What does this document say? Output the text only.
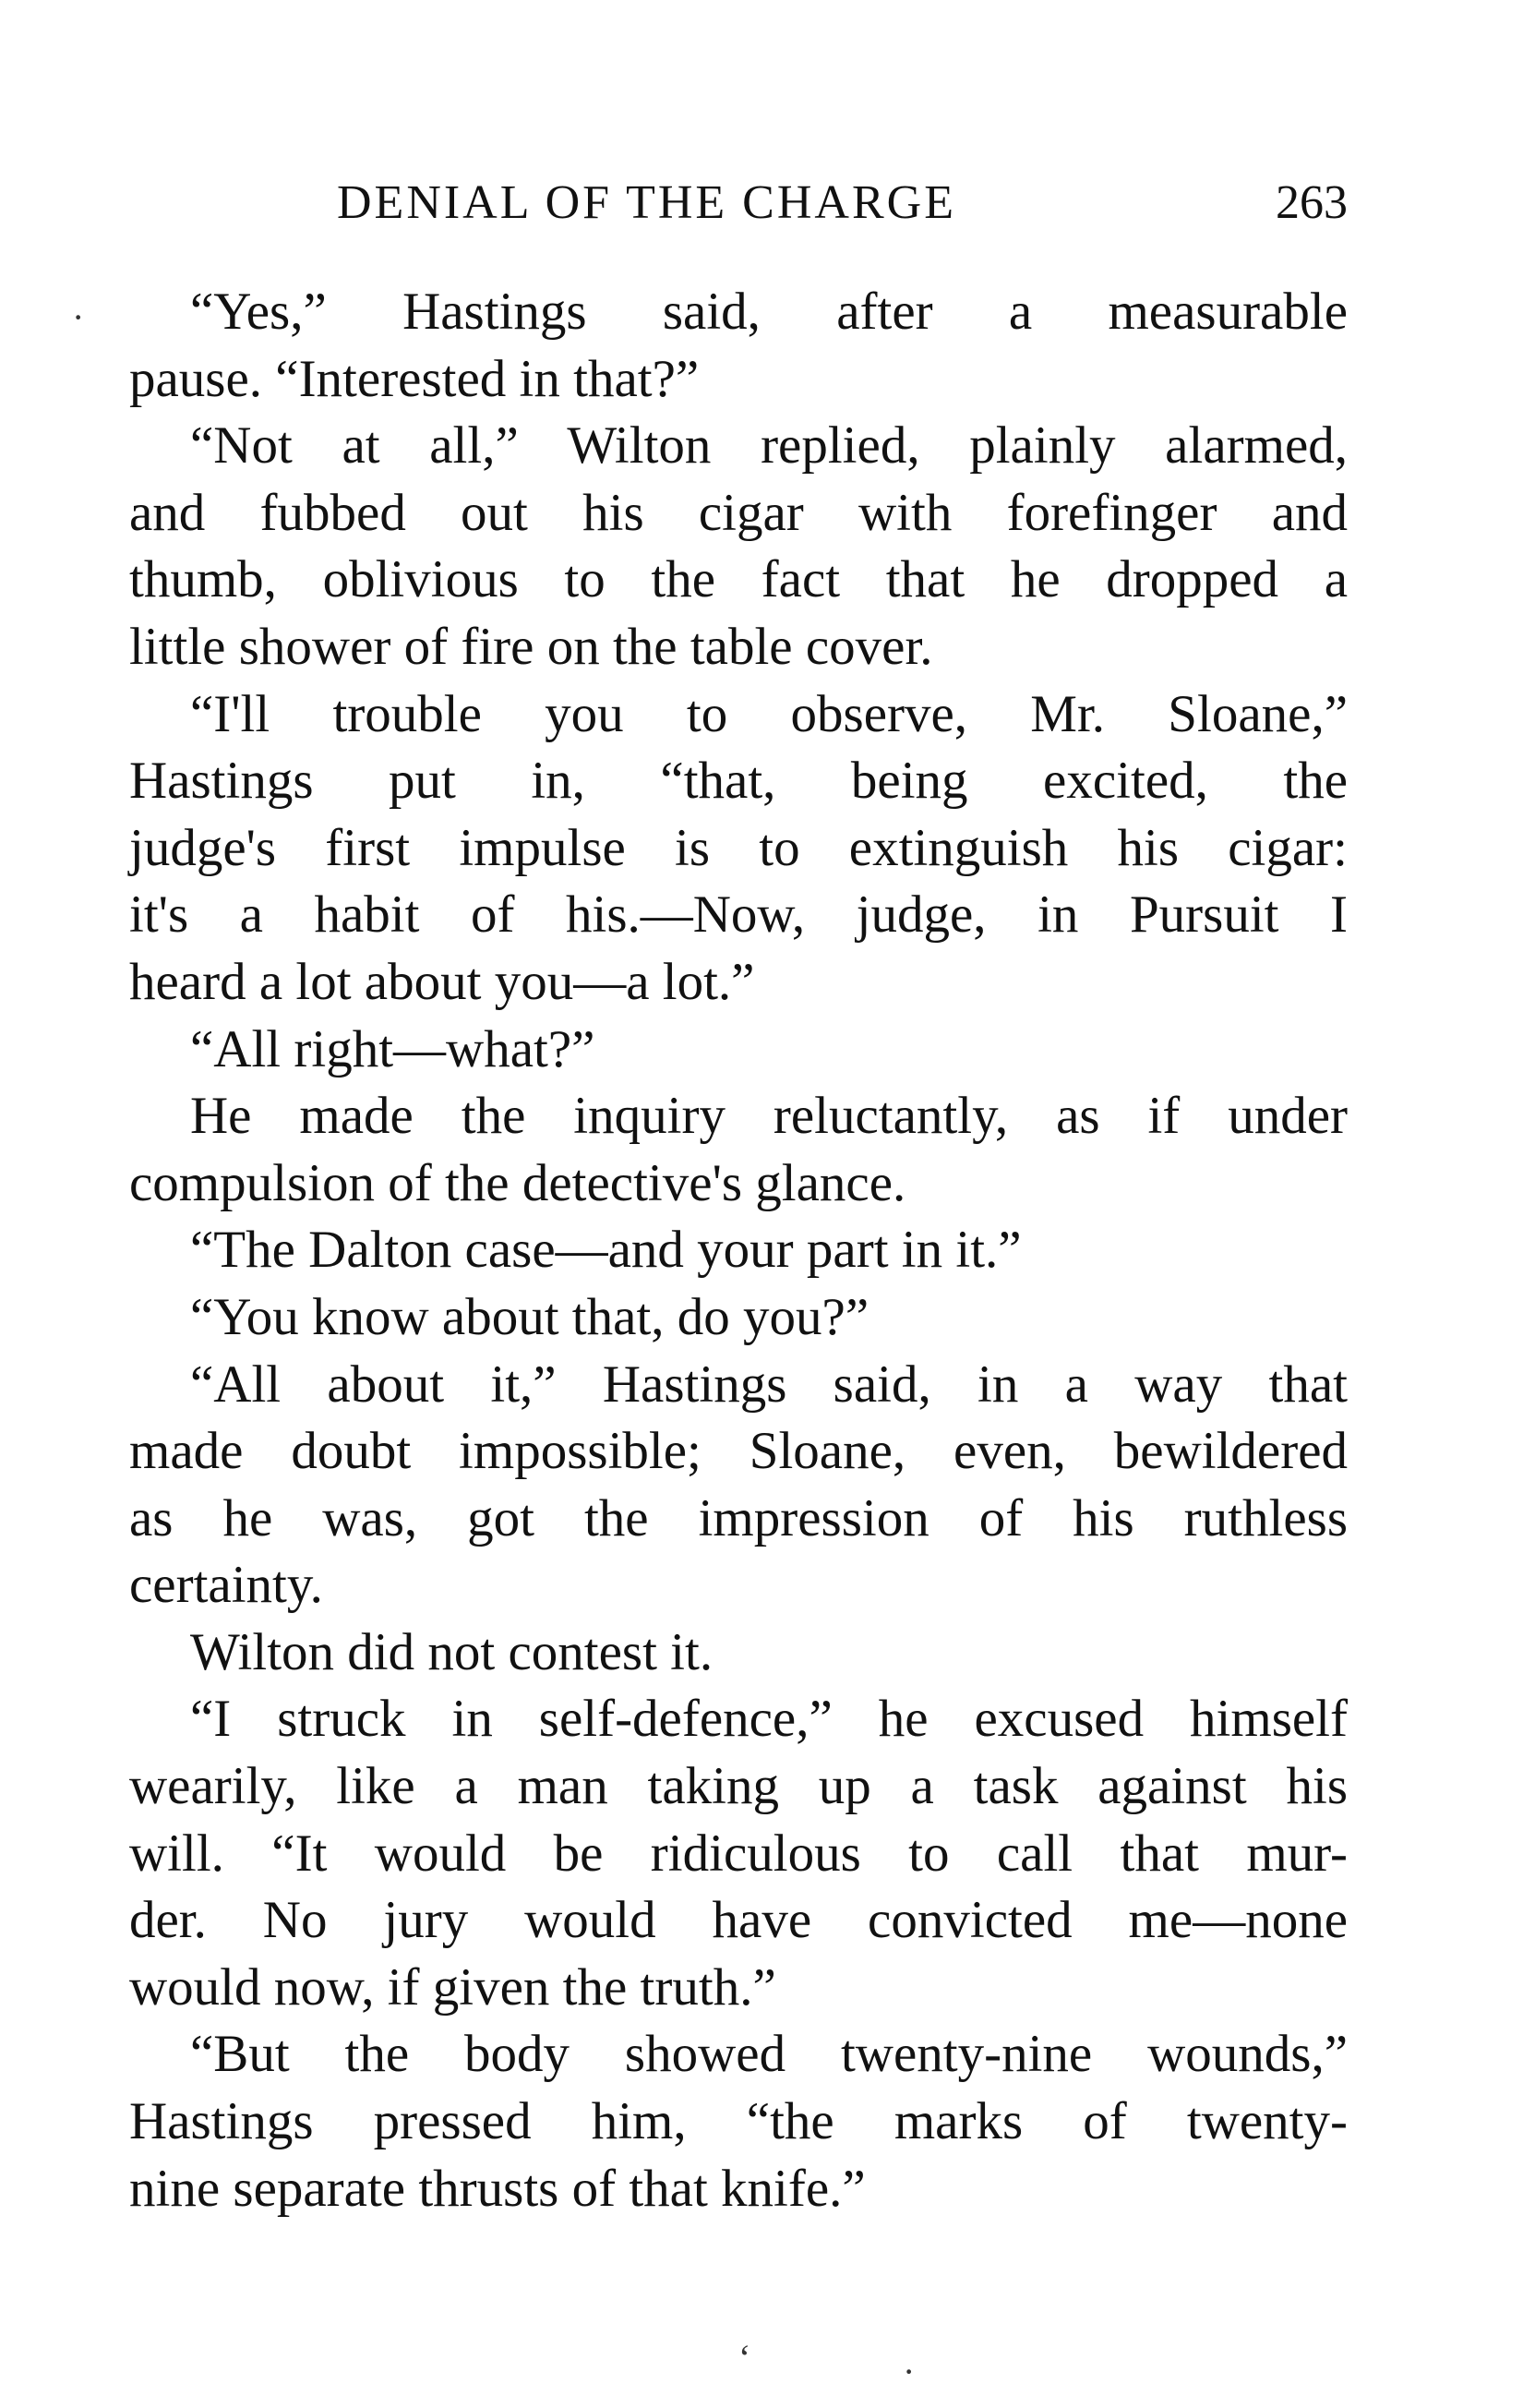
DENIAL OF THE CHARGE	263
“Yes,” Hastings said, after a measurable
pause. “Interested in that?”
“Not at all,” Wilton replied, plainly alarmed,
and fubbed out his cigar with forefinger and
thumb, oblivious to the fact that he dropped a
little shower of fire on the table cover.
“I'll trouble you to observe, Mr. Sloane,”
Hastings put in, “that, being excited, the
judge's first impulse is to extinguish his cigar:
it's a habit of his.—Now, judge, in Pursuit I
heard a lot about you—a lot.”
“All right—what?”
He made the inquiry reluctantly, as if under
compulsion of the detective's glance.
“The Dalton case—and your part in it.”
“You know about that, do you?”
“All about it,” Hastings said, in a way that
made doubt impossible; Sloane, even, bewildered
as he was, got the impression of his ruthless
certainty.
Wilton did not contest it.
“I struck in self-defence,” he excused himself
wearily, like a man taking up a task against his
will. “It would be ridiculous to call that mur-
der. No jury would have convicted me—none
would now, if given the truth.”
“But the body showed twenty-nine wounds,”
Hastings pressed him, “the marks of twenty-
nine separate thrusts of that knife.”
·
ʻ	·
